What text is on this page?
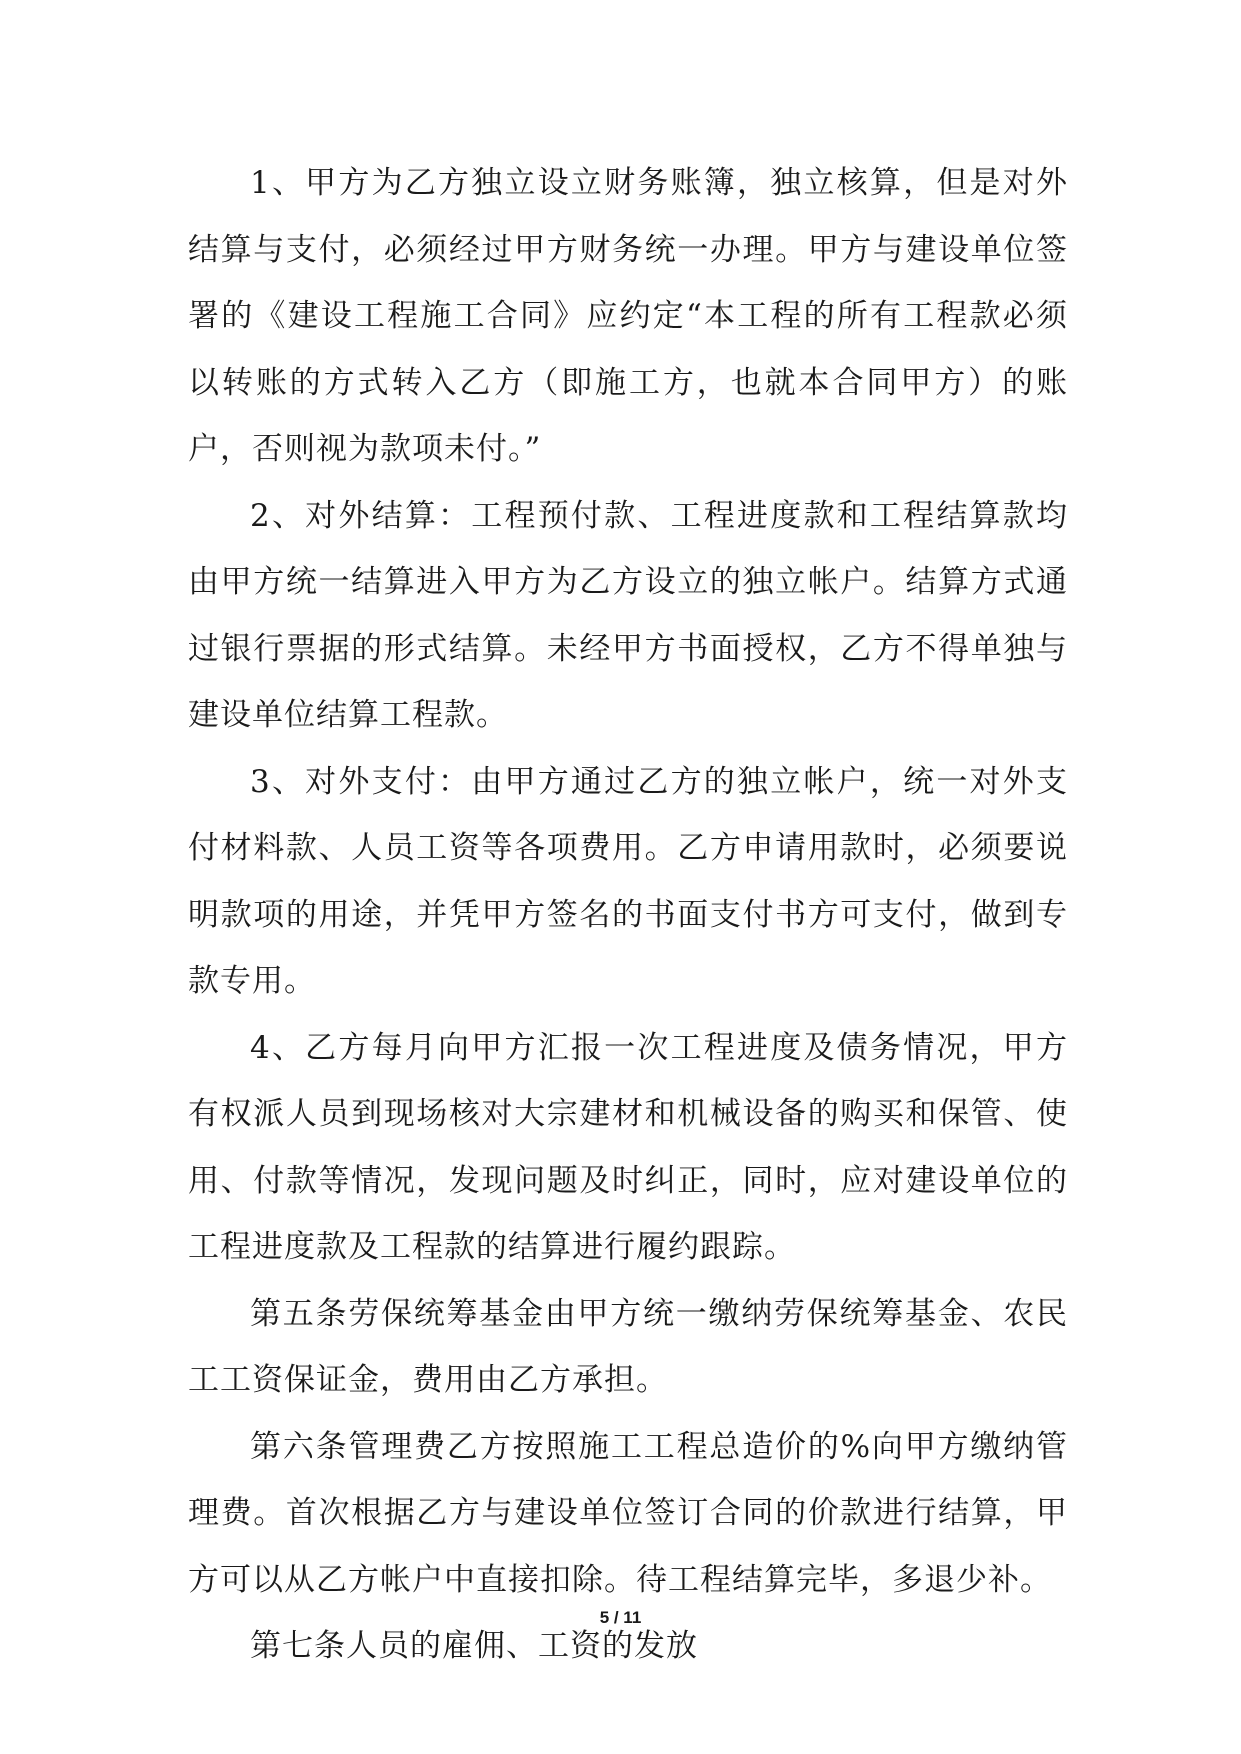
1、甲方为乙方独立设立财务账簿，独立核算，但是对外结算与支付，必须经过甲方财务统一办理。甲方与建设单位签署的《建设工程施工合同》应约定“本工程的所有工程款必须以转账的方式转入乙方（即施工方，也就本合同甲方）的账户，否则视为款项未付。”

2、对外结算：工程预付款、工程进度款和工程结算款均由甲方统一结算进入甲方为乙方设立的独立帐户。结算方式通过银行票据的形式结算。未经甲方书面授权，乙方不得单独与建设单位结算工程款。

3、对外支付：由甲方通过乙方的独立帐户，统一对外支付材料款、人员工资等各项费用。乙方申请用款时，必须要说明款项的用途，并凭甲方签名的书面支付书方可支付，做到专款专用。

4、乙方每月向甲方汇报一次工程进度及债务情况，甲方有权派人员到现场核对大宗建材和机械设备的购买和保管、使用、付款等情况，发现问题及时纠正，同时，应对建设单位的工程进度款及工程款的结算进行履约跟踪。

第五条劳保统筹基金由甲方统一缴纳劳保统筹基金、农民工工资保证金，费用由乙方承担。

第六条管理费乙方按照施工工程总造价的%向甲方缴纳管理费。首次根据乙方与建设单位签订合同的价款进行结算，甲方可以从乙方帐户中直接扣除。待工程结算完毕，多退少补。

第七条人员的雇佣、工资的发放

5 / 11
